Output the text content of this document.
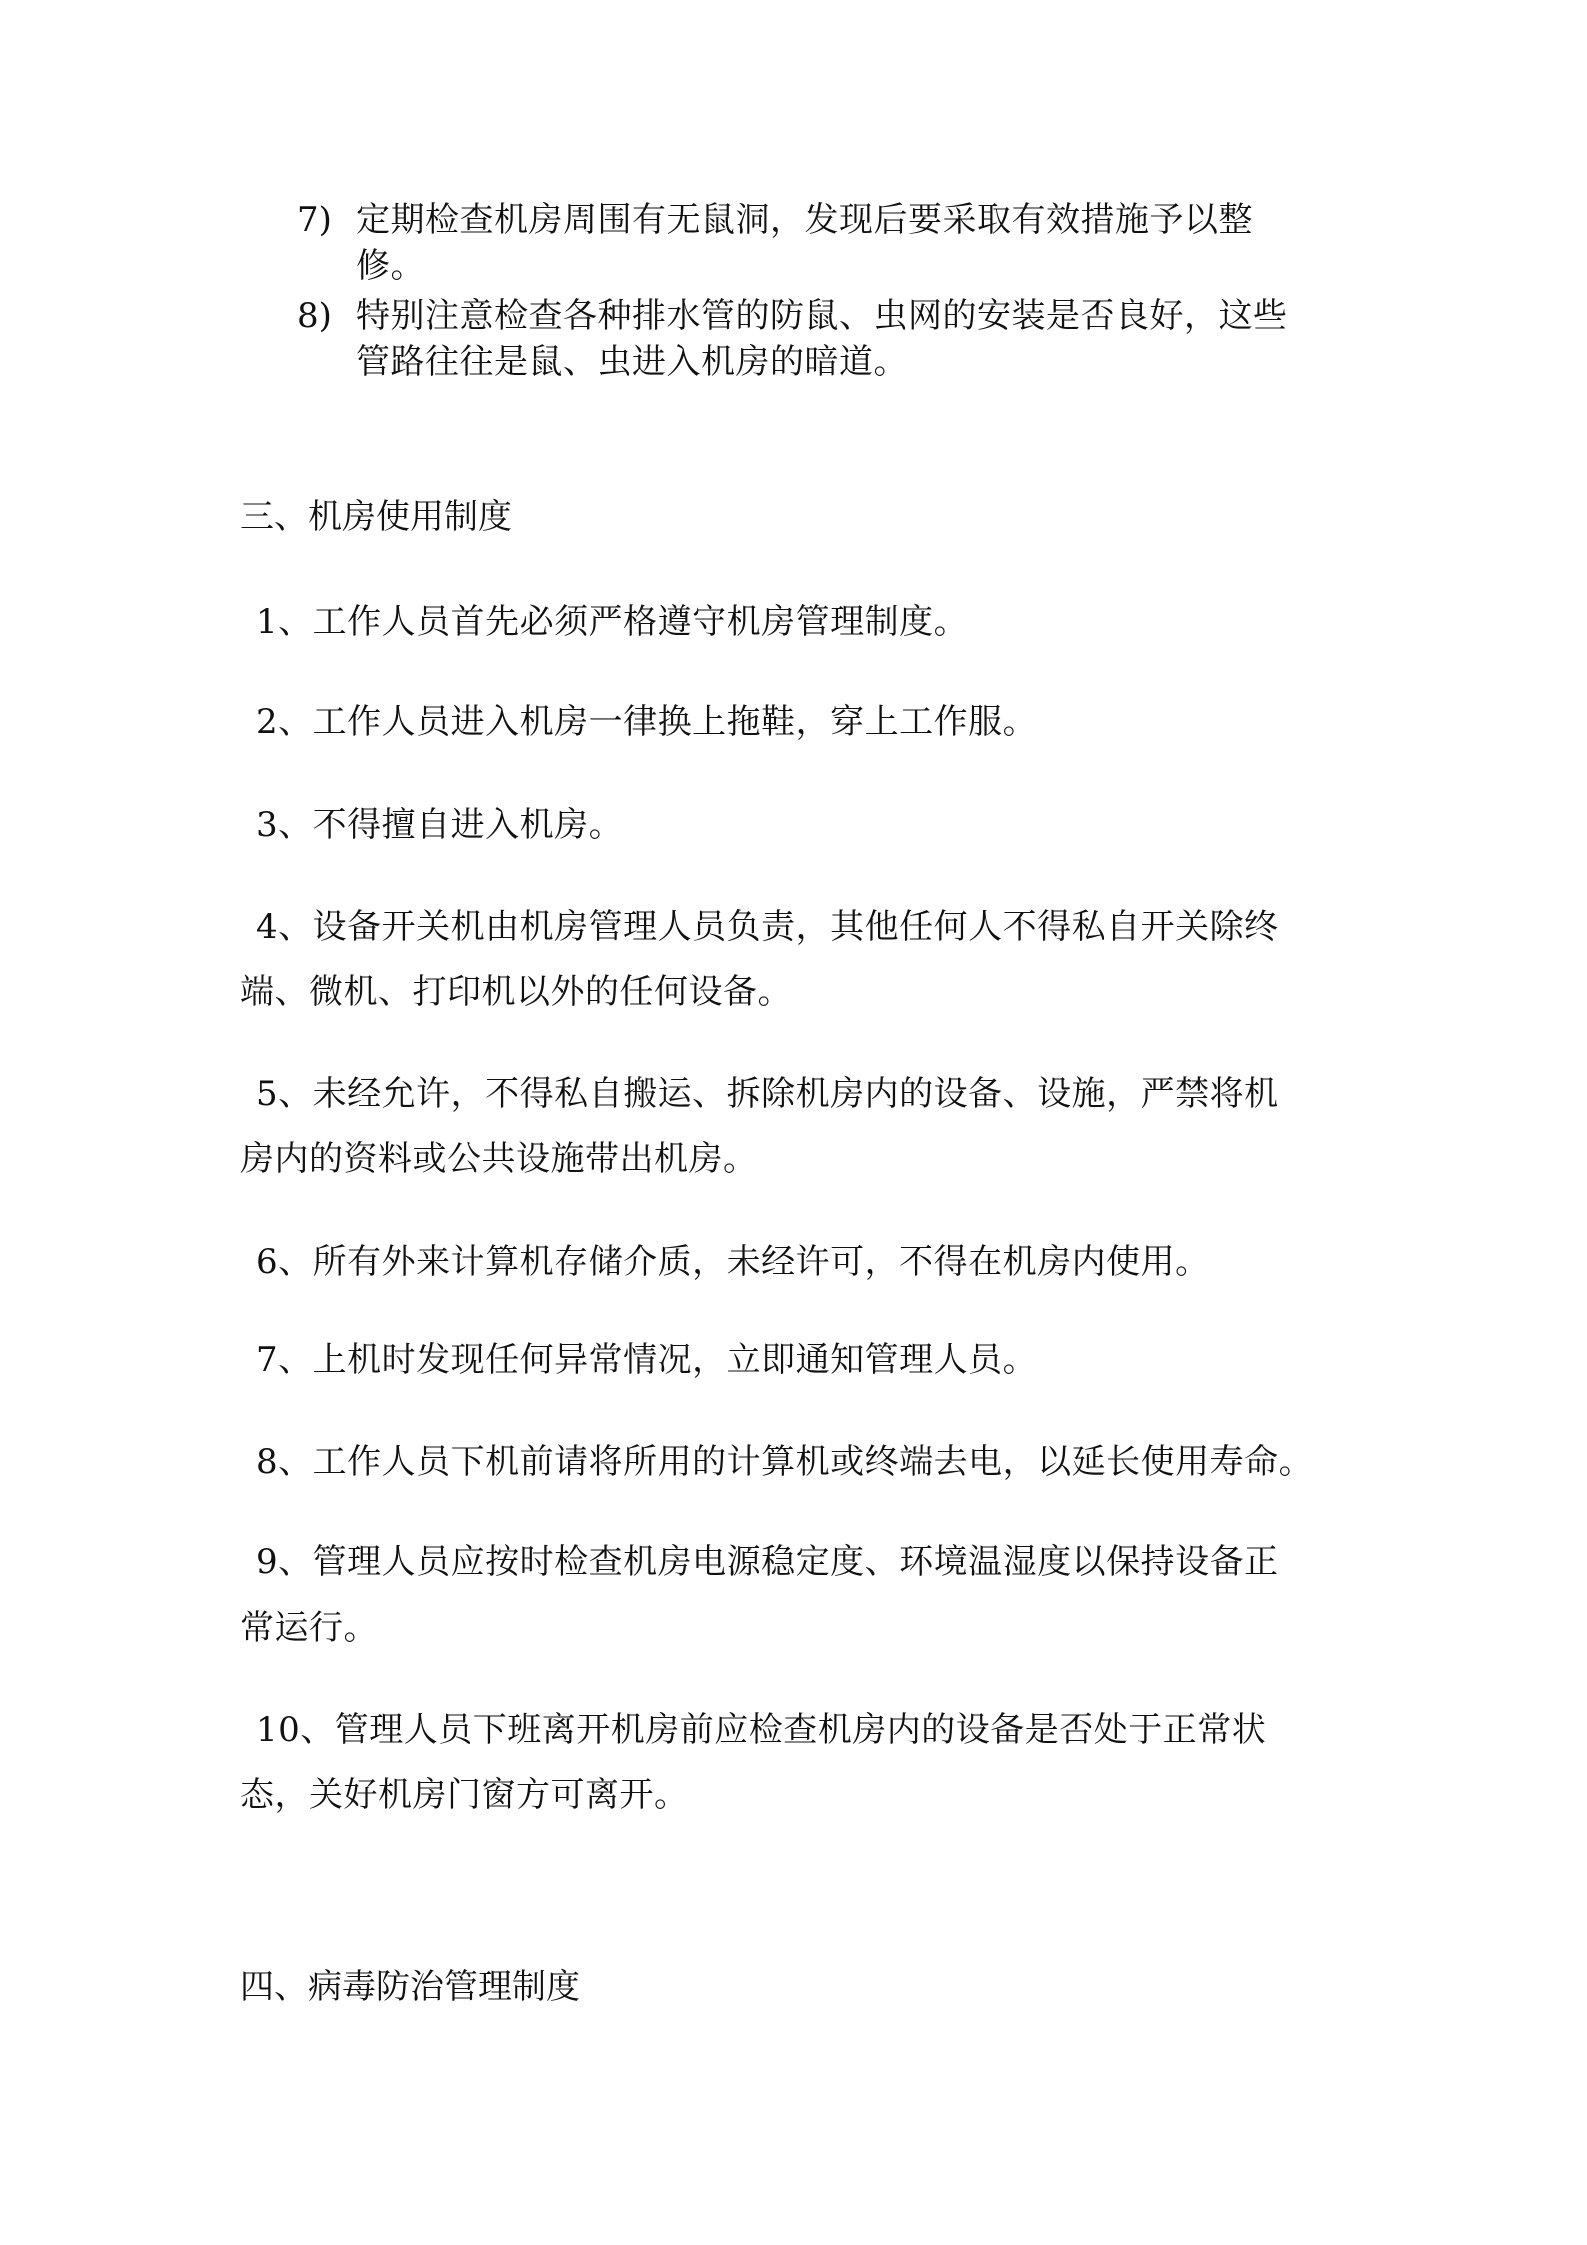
7) 定期检查机房周围有无鼠洞，发现后要采取有效措施予以整
修。
8) 特别注意检查各种排水管的防鼠、虫网的安装是否良好，这些
管路往往是鼠、虫进入机房的暗道。
三、机房使用制度
1、工作人员首先必须严格遵守机房管理制度。
2、工作人员进入机房一律换上拖鞋，穿上工作服。
3、不得擅自进入机房。
4、设备开关机由机房管理人员负责，其他任何人不得私自开关除终
端、微机、打印机以外的任何设备。
5、未经允许，不得私自搬运、拆除机房内的设备、设施，严禁将机
房内的资料或公共设施带出机房。
6、所有外来计算机存储介质，未经许可，不得在机房内使用。
7、上机时发现任何异常情况，立即通知管理人员。
8、工作人员下机前请将所用的计算机或终端去电，以延长使用寿命。
9、管理人员应按时检查机房电源稳定度、环境温湿度以保持设备正
常运行。
10、管理人员下班离开机房前应检查机房内的设备是否处于正常状
态，关好机房门窗方可离开。
四、病毒防治管理制度
